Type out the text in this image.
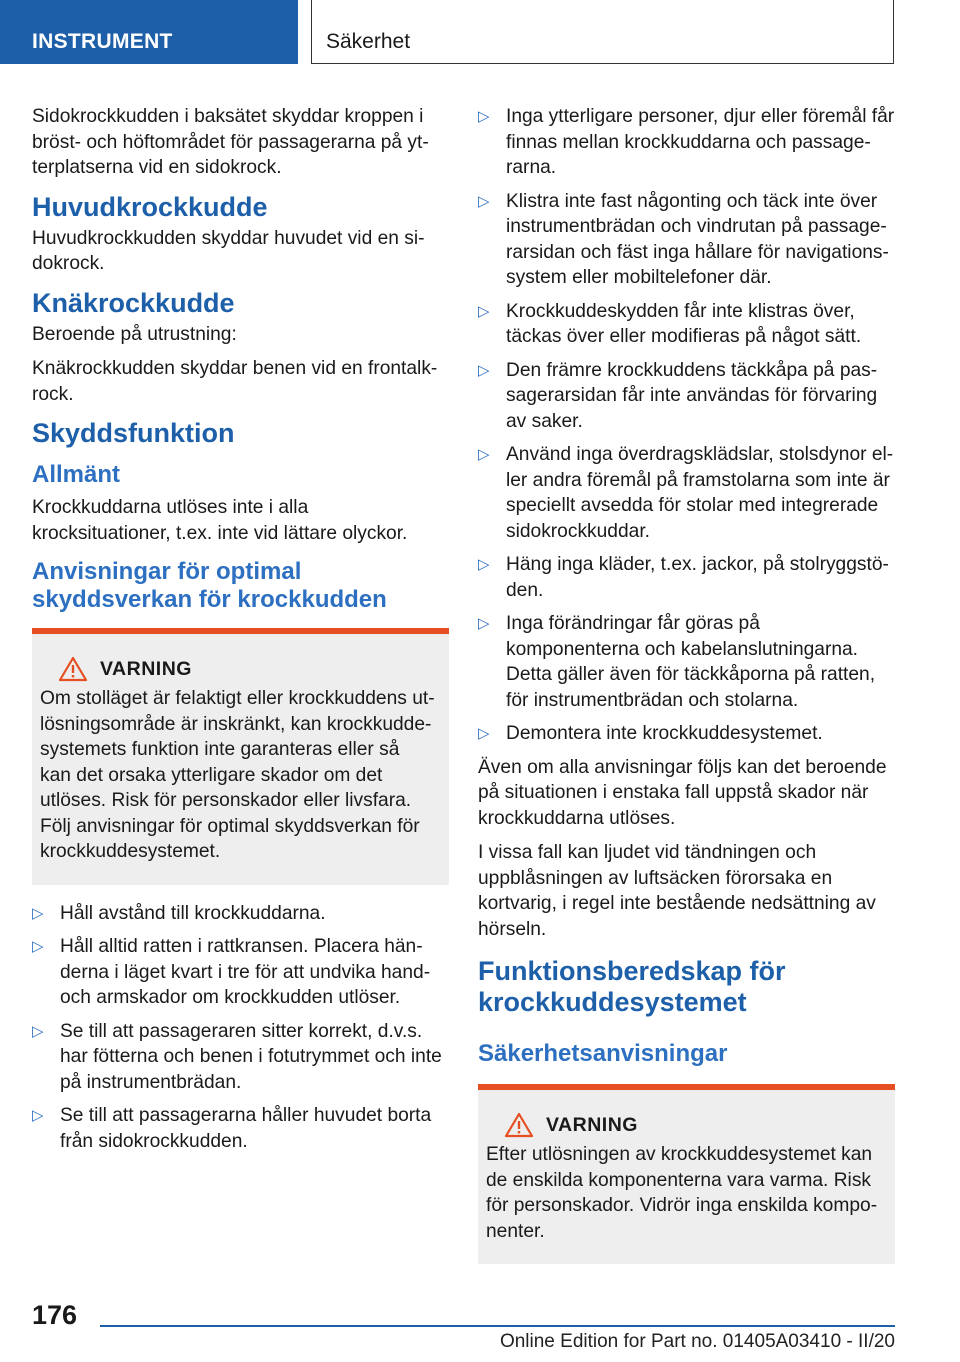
INSTRUMENT	Säkerhet

Sidokrockkudden i baksätet skyddar kroppen i bröst- och höftområdet för passagerarna på ytterplatserna vid en sidokrock.

Huvudkrockkudde

Huvudkrockkudden skyddar huvudet vid en sidokrock.

Knäkrockkudde

Beroende på utrustning:

Knäkrockkudden skyddar benen vid en frontalkrock.

Skyddsfunktion
Allmänt

Krockkuddarna utlöses inte i alla krocksituationer, t.ex. inte vid lättare olyckor.

Anvisningar för optimal skyddsverkan för krockkudden
VARNING

Om stolläget är felaktigt eller krockkuddens utlösningsområde är inskränkt, kan krockkuddesystemets funktion inte garanteras eller så kan det orsaka ytterligare skador om det utlöses. Risk för personskador eller livsfara. Följ anvisningar för optimal skyddsverkan för krockkuddesystemet.

▷ Håll avstånd till krockkuddarna.
▷ Håll alltid ratten i rattkransen. Placera händerna i läget kvart i tre för att undvika hand- och armskador om krockkudden utlöser.
▷ Se till att passageraren sitter korrekt, d.v.s. har fötterna och benen i fotutrymmet och inte på instrumentbrädan.
▷ Se till att passagerarna håller huvudet borta från sidokrockkudden.
▷ Inga ytterligare personer, djur eller föremål får finnas mellan krockkuddarna och passagerarna.
▷ Klistra inte fast någonting och täck inte över instrumentbrädan och vindrutan på passagerarsidan och fäst inga hållare för navigationssystem eller mobiltelefoner där.
▷ Krockkuddeskydden får inte klistras över, täckas över eller modifieras på något sätt.
▷ Den främre krockkuddens täckkåpa på passagerarsidan får inte användas för förvaring av saker.
▷ Använd inga överdragsklädslar, stolsdynor eller andra föremål på framstolarna som inte är speciellt avsedda för stolar med integrerade sidokrockkuddar.
▷ Häng inga kläder, t.ex. jackor, på stolryggstöden.
▷ Inga förändringar får göras på komponenterna och kabelanslutningarna. Detta gäller även för täckkåporna på ratten, för instrumentbrädan och stolarna.
▷ Demontera inte krockkuddesystemet.

Även om alla anvisningar följs kan det beroende på situationen i enstaka fall uppstå skador när krockkuddarna utlöses.

I vissa fall kan ljudet vid tändningen och uppblåsningen av luftsäcken förorsaka en kortvarig, i regel inte bestående nedsättning av hörseln.

Funktionsberedskap för krockkuddesystemet
Säkerhetsanvisningar
VARNING

Efter utlösningen av krockkuddesystemet kan de enskilda komponenterna vara varma. Risk för personskador. Vidrör inga enskilda komponenter.

176
Online Edition for Part no. 01405A03410 - II/20
